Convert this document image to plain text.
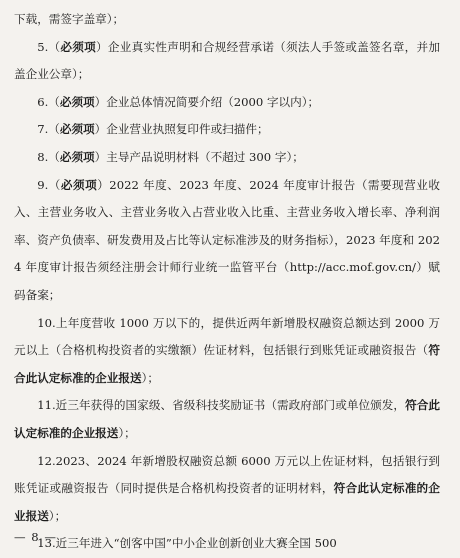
下载，需签字盖章）；

5.（必须项）企业真实性声明和合规经营承诺（须法人手签或盖签名章，并加盖企业公章）；

6.（必须项）企业总体情况简要介绍（2000 字以内）；

7.（必须项）企业营业执照复印件或扫描件；

8.（必须项）主导产品说明材料（不超过 300 字）；

9.（必须项）2022 年度、2023 年度、2024 年度审计报告（需要现营业收入、主营业务收入、主营业务收入占营业收入比重、主营业务收入增长率、净利润率、资产负债率、研发费用及占比等认定标准涉及的财务指标），2023 年度和 2024 年度审计报告须经注册会计师行业统一监管平台（http://acc.mof.gov.cn/）赋码备案；

10.上年度营收 1000 万以下的，提供近两年新增股权融资总额达到 2000 万元以上（合格机构投资者的实缴额）佐证材料，包括银行到账凭证或融资报告（符合此认定标准的企业报送）；

11.近三年获得的国家级、省级科技奖励证书（需政府部门或单位颁发，符合此认定标准的企业报送）；

12.2023、2024 年新增股权融资总额 6000 万元以上佐证材料，包括银行到账凭证或融资报告（同时提供是合格机构投资者的证明材料，符合此认定标准的企业报送）；

13.近三年进入“创客中国”中小企业创新创业大赛全国 500

— 8 —
